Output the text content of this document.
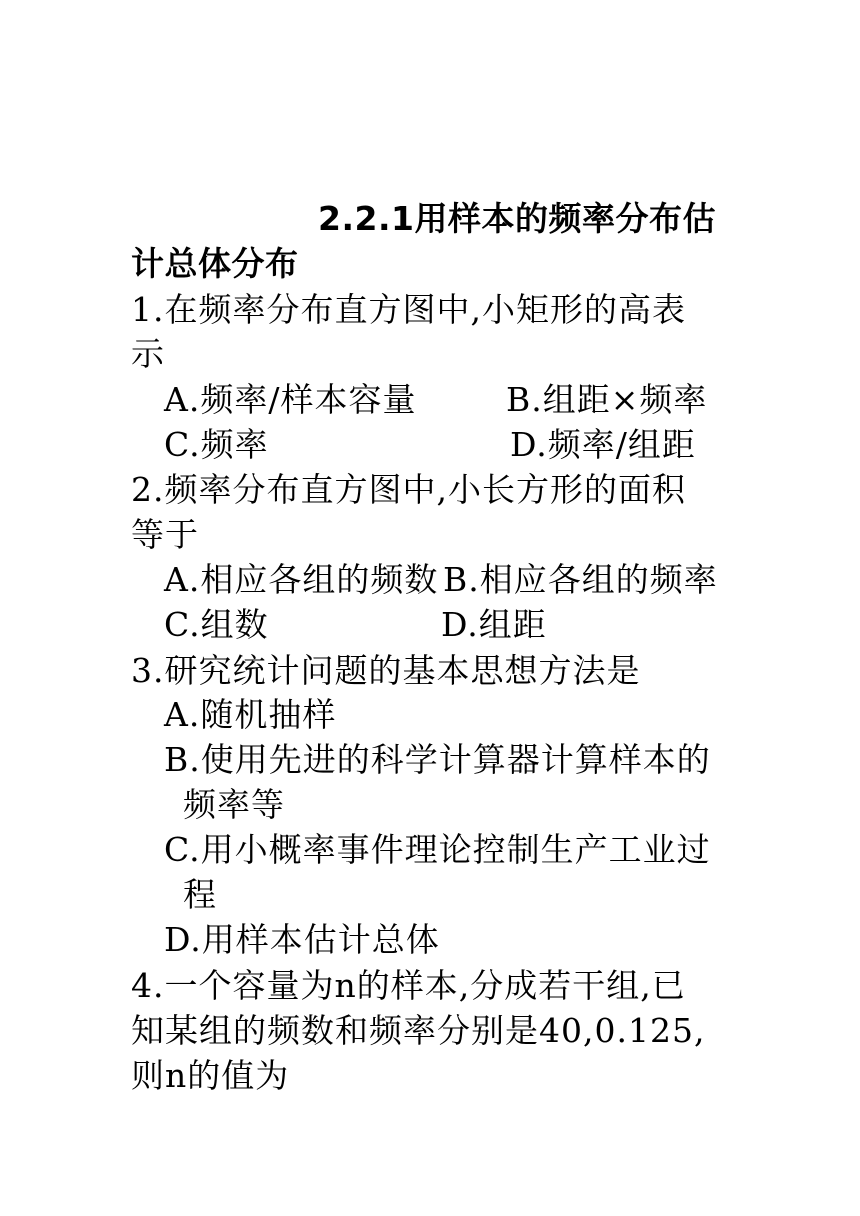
2.2.1用样本的频率分布估
计总体分布
1.在频率分布直方图中,小矩形的高表
示
A.频率/样本容量	B.组距×频率
C.频率	D.频率/组距
2.频率分布直方图中,小长方形的面积
等于
A.相应各组的频数 B.相应各组的频率
C.组数	D.组距
3.研究统计问题的基本思想方法是
A.随机抽样
B.使用先进的科学计算器计算样本的
频率等
C.用小概率事件理论控制生产工业过
程
D.用样本估计总体
4.一个容量为n的样本,分成若干组,已
知某组的频数和频率分别是40,0.125,
则n的值为
